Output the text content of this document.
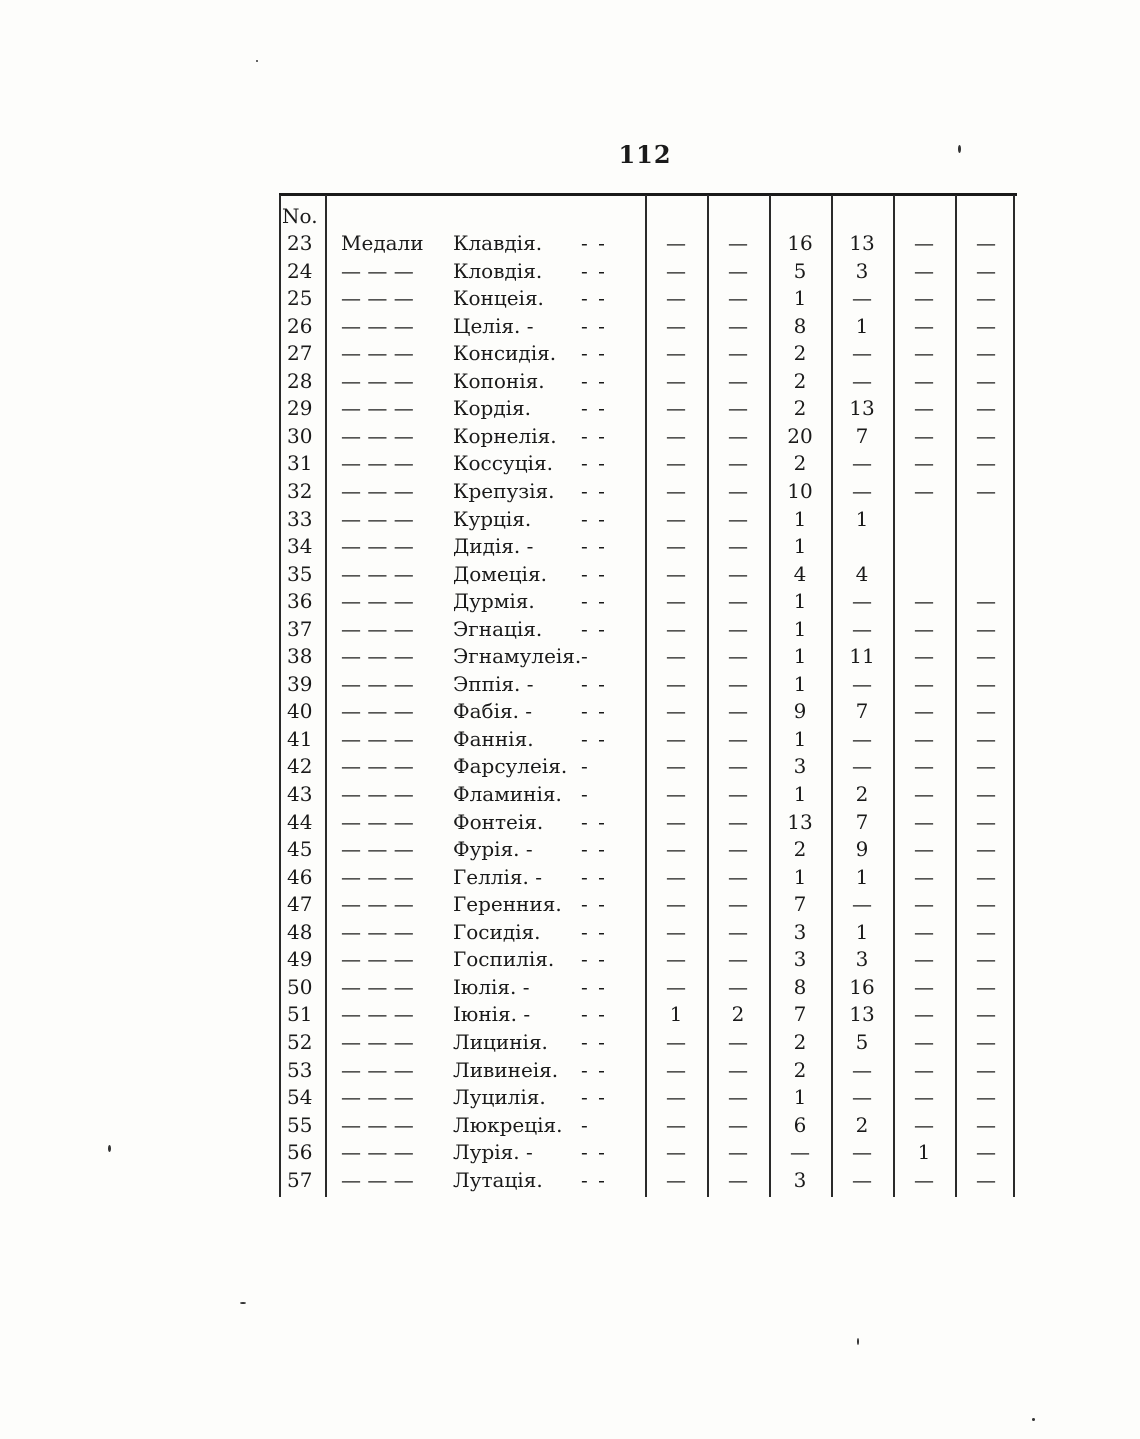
112
No.
23	Медали	Клавдія.	- -	—	—	16	13	—	—
24	— — —	Кловдія.	- -	—	—	5	3	—	—
25	— — —	Концеія.	- -	—	—	1	—	—	—
26	— — —	Целія. -	- -	—	—	8	1	—	—
27	— — —	Консидія.	- -	—	—	2	—	—	—
28	— — —	Копонія.	- -	—	—	2	—	—	—
29	— — —	Кордія.	- -	—	—	2	13	—	—
30	— — —	Корнелія.	- -	—	—	20	7	—	—
31	— — —	Коссуція.	- -	—	—	2	—	—	—
32	— — —	Крепузія.	- -	—	—	10	—	—	—
33	— — —	Курція.	- -	—	—	1	1
34	— — —	Дидія. -	- -	—	—	1
35	— — —	Домеція.	- -	—	—	4	4
36	— — —	Дурмія.	- -	—	—	1	—	—	—
37	— — —	Эгнація.	- -	—	—	1	—	—	—
38	— — —	Эгнамулеія. -	—	—	1	11	—	—
39	— — —	Эппія. -	- -	—	—	1	—	—	—
40	— — —	Фабія. -	- -	—	—	9	7	—	—
41	— — —	Фаннія.	- -	—	—	1	—	—	—
42	— — —	Фарсулеія. -	—	—	3	—	—	—
43	— — —	Фламинія. -	—	—	1	2	—	—
44	— — —	Фонтеія.	- -	—	—	13	7	—	—
45	— — —	Фурія. -	- -	—	—	2	9	—	—
46	— — —	Геллія. -	- -	—	—	1	1	—	—
47	— — —	Геренния. - -	—	—	7	—	—	—
48	— — —	Госидія.	- -	—	—	3	1	—	—
49	— — —	Госпилія.	- -	—	—	3	3	—	—
50	— — —	Іюлія. -	- -	—	—	8	16	—	—
51	— — —	Іюнія. -	- -	1	2	7	13	—	—
52	— — —	Лицинія.	- -	—	—	2	5	—	—
53	— — —	Ливинеія.	- -	—	—	2	—	—	—
54	— — —	Луцилія.	- -	—	—	1	—	—	—
55	— — —	Люкреція. -	—	—	6	2	—	—
56	— — —	Лурія. -	- -	—	—	—	—	1	—
57	— — —	Лутація.	- -	—	—	3	—	—	—
